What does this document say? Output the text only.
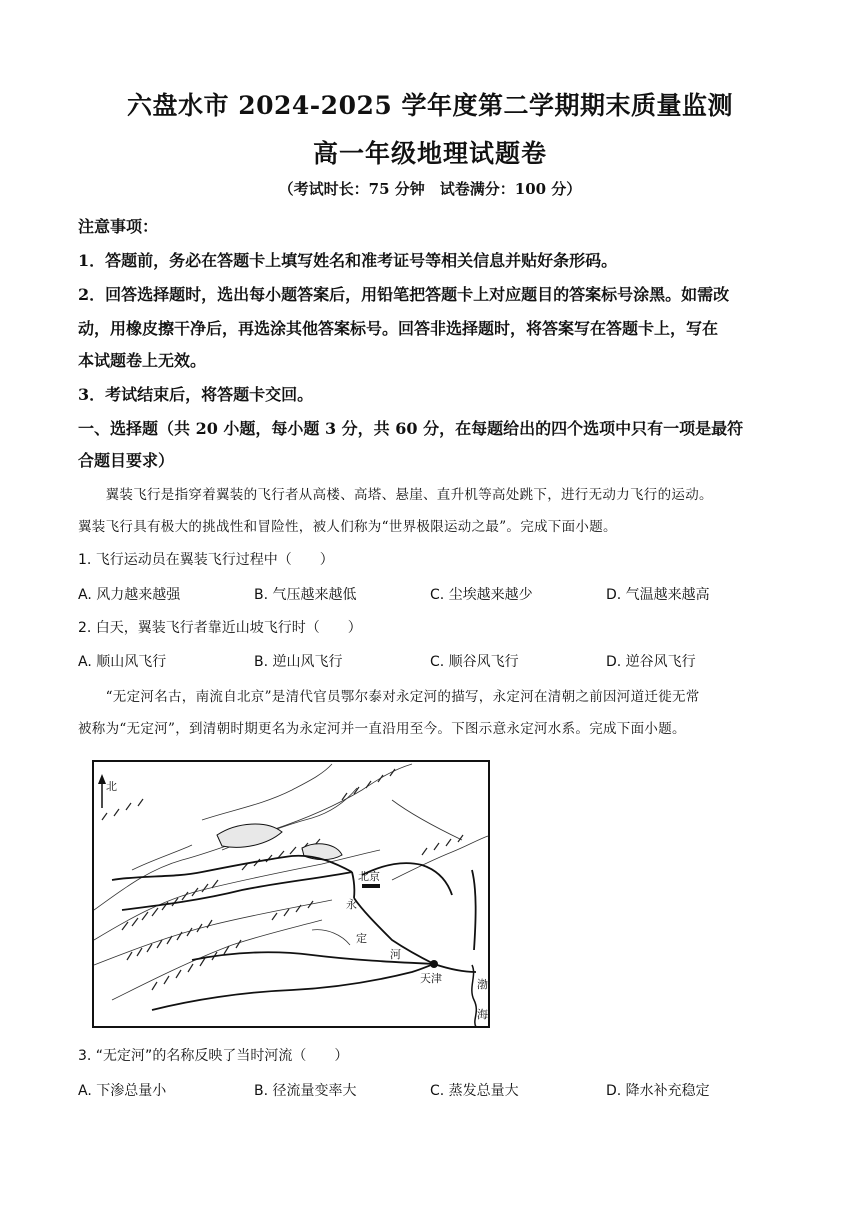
六盘水市 2024-2025 学年度第二学期期末质量监测
高一年级地理试题卷
（考试时长：75 分钟　试卷满分：100 分）
注意事项：
1．答题前，务必在答题卡上填写姓名和准考证号等相关信息并贴好条形码。
2．回答选择题时，选出每小题答案后，用铅笔把答题卡上对应题目的答案标号涂黑。如需改
动，用橡皮擦干净后，再选涂其他答案标号。回答非选择题时，将答案写在答题卡上，写在
本试题卷上无效。
3．考试结束后，将答题卡交回。
一、选择题（共 20 小题，每小题 3 分，共 60 分，在每题给出的四个选项中只有一项是最符
合题目要求）
　　翼装飞行是指穿着翼装的飞行者从高楼、高塔、悬崖、直升机等高处跳下，进行无动力飞行的运动。
翼装飞行具有极大的挑战性和冒险性，被人们称为“世界极限运动之最”。完成下面小题。
1. 飞行运动员在翼装飞行过程中（　　）
A. 风力越来越强	B. 气压越来越低	C. 尘埃越来越少	D. 气温越来越高
2. 白天，翼装飞行者靠近山坡飞行时（　　）
A. 顺山风飞行	B. 逆山风飞行	C. 顺谷风飞行	D. 逆谷风飞行
　　“无定河名古，南流自北京”是清代官员鄂尔泰对永定河的描写，永定河在清朝之前因河道迁徙无常
被称为“无定河”，到清朝时期更名为永定河并一直沿用至今。下图示意永定河水系。完成下面小题。
北
北京
永
定
河
天津	渤
海
3. “无定河”的名称反映了当时河流（　　）
A. 下渗总量小	B. 径流量变率大	C. 蒸发总量大	D. 降水补充稳定
